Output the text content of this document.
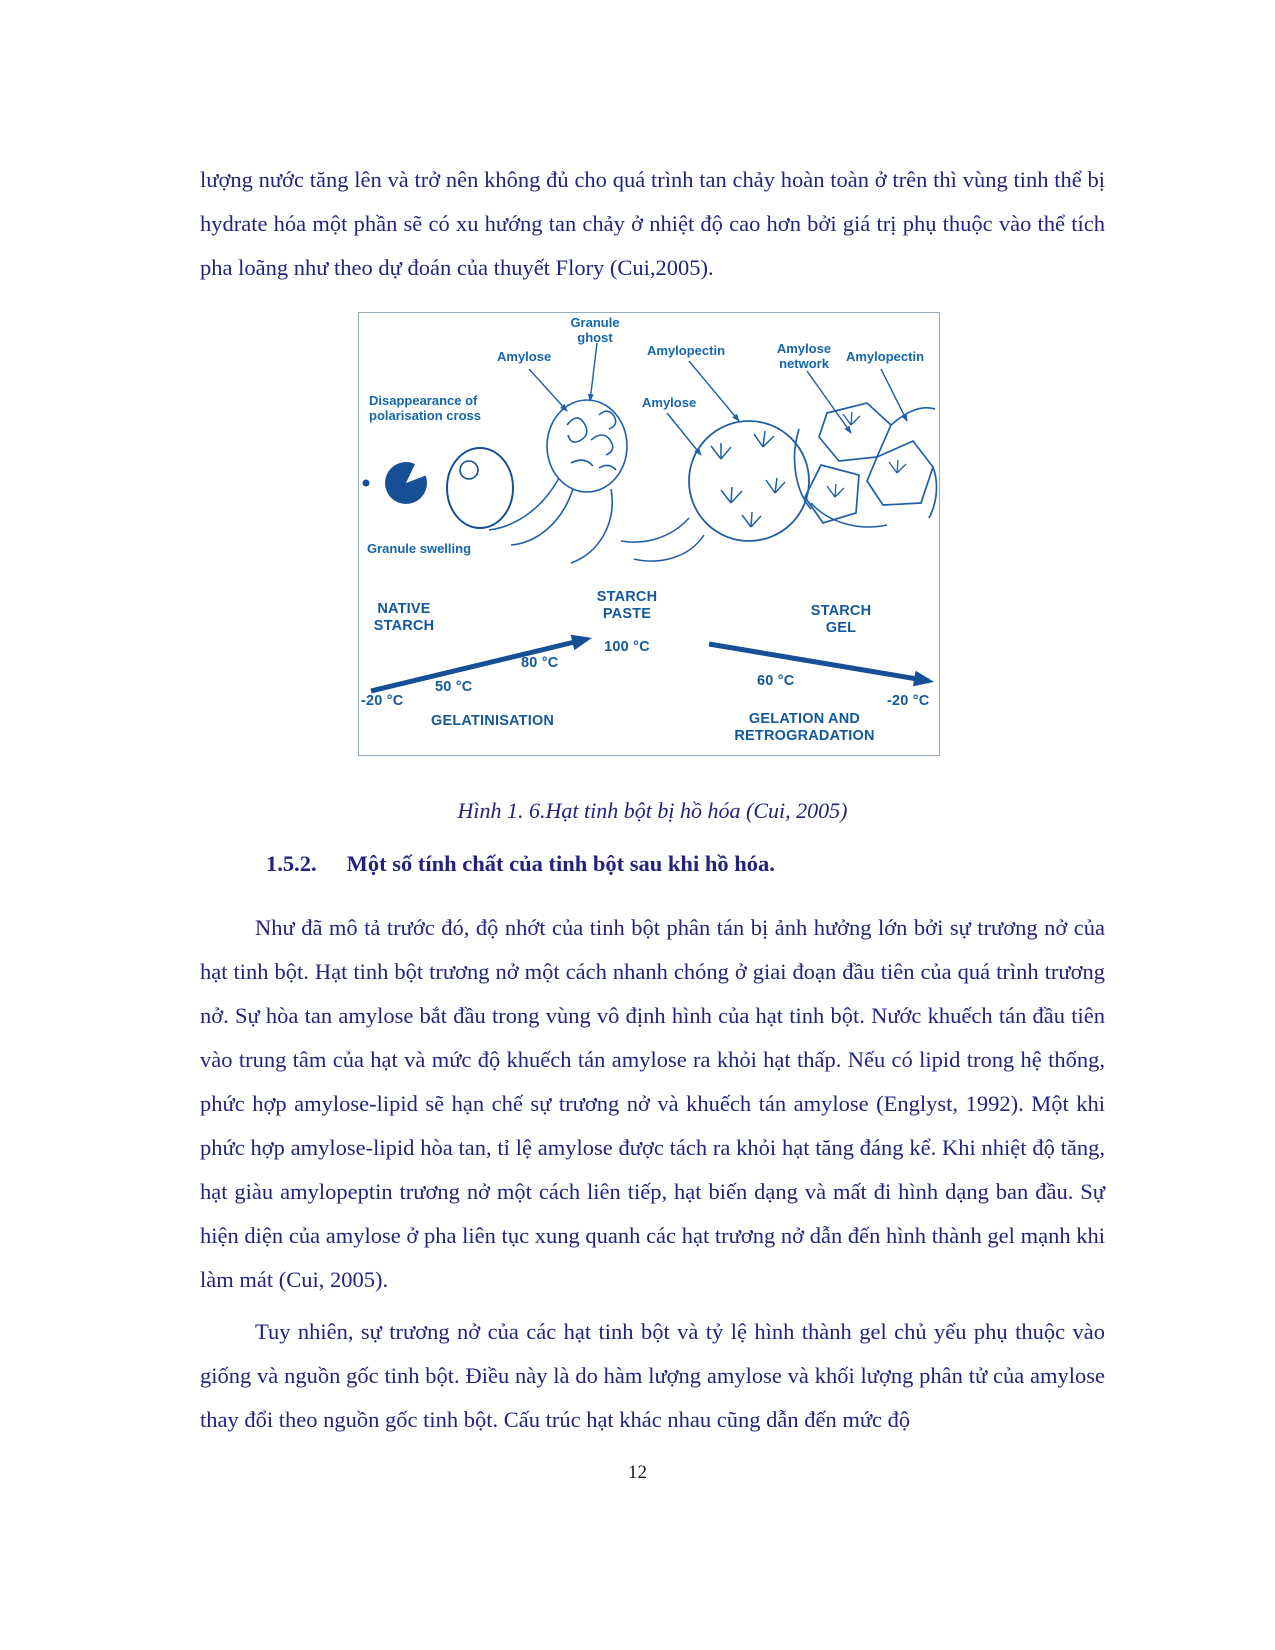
lượng nước tăng lên và trở nên không đủ cho quá trình tan chảy hoàn toàn ở trên thì vùng tinh thể bị hydrate hóa một phần sẽ có xu hướng tan chảy ở nhiệt độ cao hơn bởi giá trị phụ thuộc vào thể tích pha loãng như theo dự đoán của thuyết Flory (Cui,2005).

Disappearance of polarisation cross
Granule swelling
Amylose
Granule ghost
Amylopectin
Amylose
Amylose network	Amylopectin
NATIVE STARCH
STARCH PASTE
100 °C
STARCH GEL
80 °C
50 °C
-20 °C
GELATINISATION
60 °C
-20 °C
GELATION AND RETROGRADATION
Hình 1. 6.Hạt tinh bột bị hồ hóa (Cui, 2005)
1.5.2. Một số tính chất của tinh bột sau khi hồ hóa.

Như đã mô tả trước đó, độ nhớt của tinh bột phân tán bị ảnh hưởng lớn bởi sự trương nở của hạt tinh bột. Hạt tinh bột trương nở một cách nhanh chóng ở giai đoạn đầu tiên của quá trình trương nở. Sự hòa tan amylose bắt đầu trong vùng vô định hình của hạt tinh bột. Nước khuếch tán đầu tiên vào trung tâm của hạt và mức độ khuếch tán amylose ra khỏi hạt thấp. Nếu có lipid trong hệ thống, phức hợp amylose-lipid sẽ hạn chế sự trương nở và khuếch tán amylose (Englyst, 1992). Một khi phức hợp amylose-lipid hòa tan, tỉ lệ amylose được tách ra khỏi hạt tăng đáng kể. Khi nhiệt độ tăng, hạt giàu amylopeptin trương nở một cách liên tiếp, hạt biến dạng và mất đi hình dạng ban đầu. Sự hiện diện của amylose ở pha liên tục xung quanh các hạt trương nở dẫn đến hình thành gel mạnh khi làm mát (Cui, 2005).

Tuy nhiên, sự trương nở của các hạt tinh bột và tỷ lệ hình thành gel chủ yếu phụ thuộc vào giống và nguồn gốc tinh bột. Điều này là do hàm lượng amylose và khối lượng phân tử của amylose thay đổi theo nguồn gốc tinh bột. Cấu trúc hạt khác nhau cũng dẫn đến mức độ

12
